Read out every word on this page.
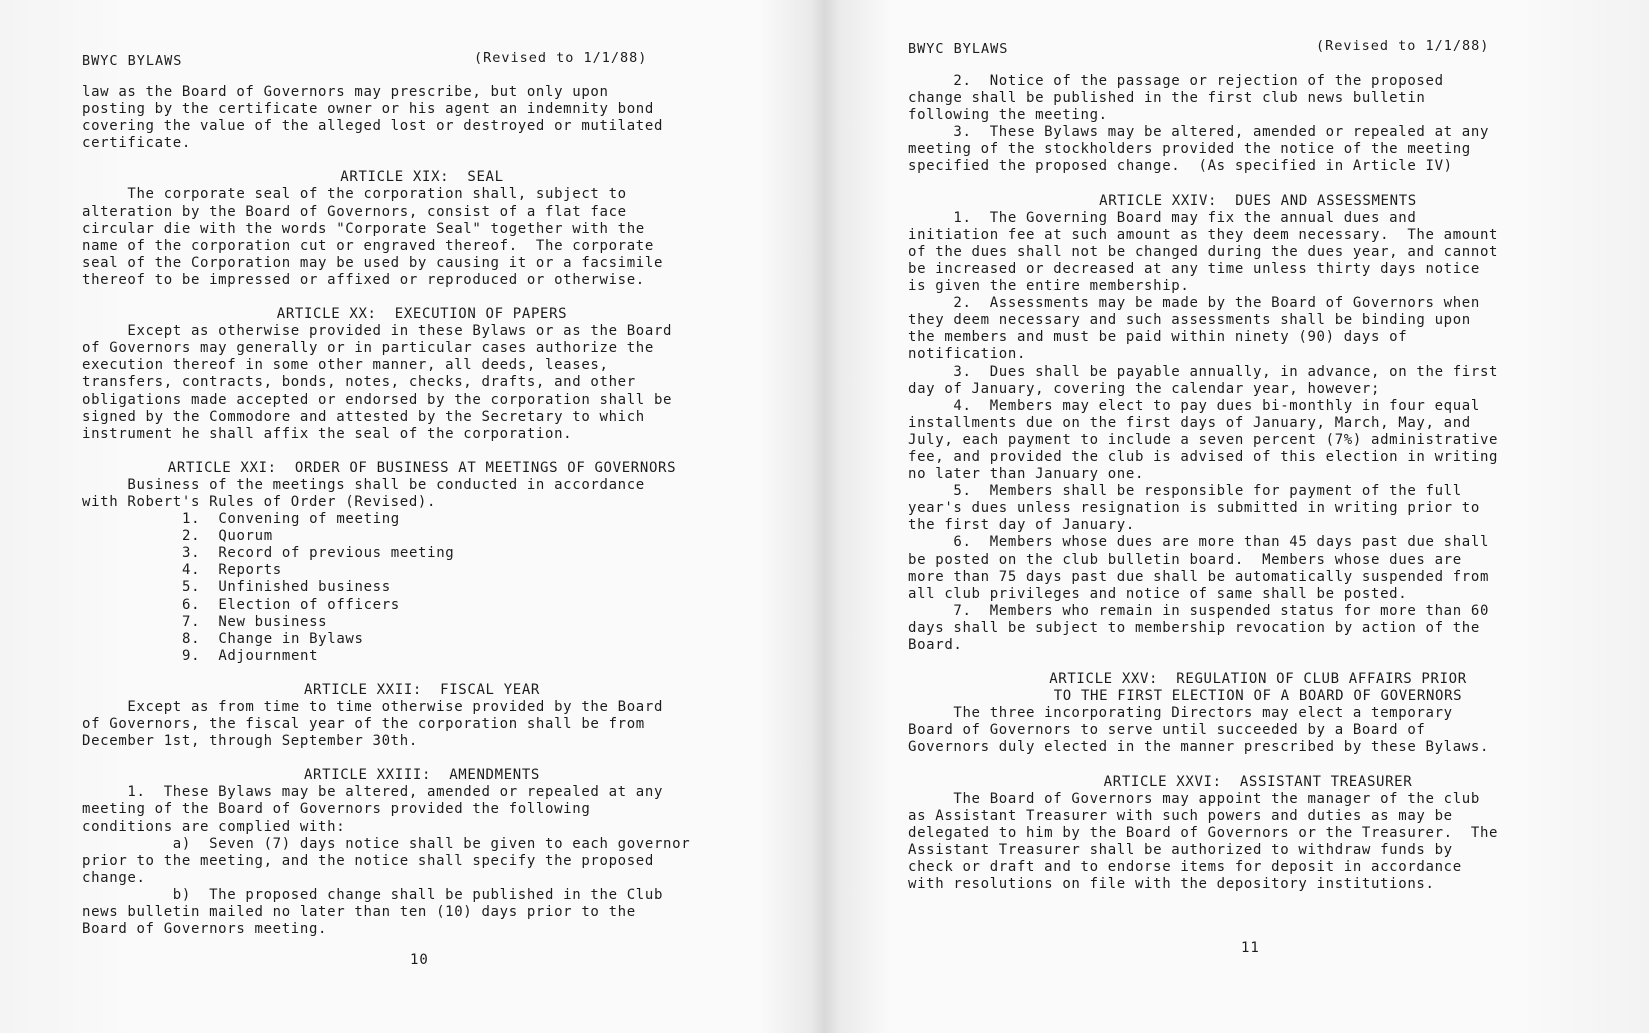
BWYC BYLAWS	(Revised to 1/1/88)

law as the Board of Governors may prescribe, but only upon

posting by the certificate owner or his agent an indemnity bond

covering the value of the alleged lost or destroyed or mutilated

certificate.

ARTICLE XIX:  SEAL

The corporate seal of the corporation shall, subject to

alteration by the Board of Governors, consist of a flat face

circular die with the words "Corporate Seal" together with the

name of the corporation cut or engraved thereof.  The corporate

seal of the Corporation may be used by causing it or a facsimile

thereof to be impressed or affixed or reproduced or otherwise.

ARTICLE XX:  EXECUTION OF PAPERS

Except as otherwise provided in these Bylaws or as the Board

of Governors may generally or in particular cases authorize the

execution thereof in some other manner, all deeds, leases,

transfers, contracts, bonds, notes, checks, drafts, and other

obligations made accepted or endorsed by the corporation shall be

signed by the Commodore and attested by the Secretary to which

instrument he shall affix the seal of the corporation.

ARTICLE XXI:  ORDER OF BUSINESS AT MEETINGS OF GOVERNORS

Business of the meetings shall be conducted in accordance

with Robert's Rules of Order (Revised).

1.  Convening of meeting
2.  Quorum
3.  Record of previous meeting
4.  Reports
5.  Unfinished business
6.  Election of officers
7.  New business
8.  Change in Bylaws
9.  Adjournment
ARTICLE XXII:  FISCAL YEAR

Except as from time to time otherwise provided by the Board

of Governors, the fiscal year of the corporation shall be from

December 1st, through September 30th.

ARTICLE XXIII:  AMENDMENTS

1.  These Bylaws may be altered, amended or repealed at any

meeting of the Board of Governors provided the following

conditions are complied with:

a)  Seven (7) days notice shall be given to each governor

prior to the meeting, and the notice shall specify the proposed

change.

b)  The proposed change shall be published in the Club

news bulletin mailed no later than ten (10) days prior to the

Board of Governors meeting.

10
BWYC BYLAWS	(Revised to 1/1/88)

2.  Notice of the passage or rejection of the proposed

change shall be published in the first club news bulletin

following the meeting.

3.  These Bylaws may be altered, amended or repealed at any

meeting of the stockholders provided the notice of the meeting

specified the proposed change.  (As specified in Article IV)

ARTICLE XXIV:  DUES AND ASSESSMENTS

1.  The Governing Board may fix the annual dues and

initiation fee at such amount as they deem necessary.  The amount

of the dues shall not be changed during the dues year, and cannot

be increased or decreased at any time unless thirty days notice

is given the entire membership.

2.  Assessments may be made by the Board of Governors when

they deem necessary and such assessments shall be binding upon

the members and must be paid within ninety (90) days of

notification.

3.  Dues shall be payable annually, in advance, on the first

day of January, covering the calendar year, however;

4.  Members may elect to pay dues bi-monthly in four equal

installments due on the first days of January, March, May, and

July, each payment to include a seven percent (7%) administrative

fee, and provided the club is advised of this election in writing

no later than January one.

5.  Members shall be responsible for payment of the full

year's dues unless resignation is submitted in writing prior to

the first day of January.

6.  Members whose dues are more than 45 days past due shall

be posted on the club bulletin board.  Members whose dues are

more than 75 days past due shall be automatically suspended from

all club privileges and notice of same shall be posted.

7.  Members who remain in suspended status for more than 60

days shall be subject to membership revocation by action of the

Board.

ARTICLE XXV:  REGULATION OF CLUB AFFAIRS PRIOR
TO THE FIRST ELECTION OF A BOARD OF GOVERNORS

The three incorporating Directors may elect a temporary

Board of Governors to serve until succeeded by a Board of

Governors duly elected in the manner prescribed by these Bylaws.

ARTICLE XXVI:  ASSISTANT TREASURER

The Board of Governors may appoint the manager of the club

as Assistant Treasurer with such powers and duties as may be

delegated to him by the Board of Governors or the Treasurer.  The

Assistant Treasurer shall be authorized to withdraw funds by

check or draft and to endorse items for deposit in accordance

with resolutions on file with the depository institutions.

11
